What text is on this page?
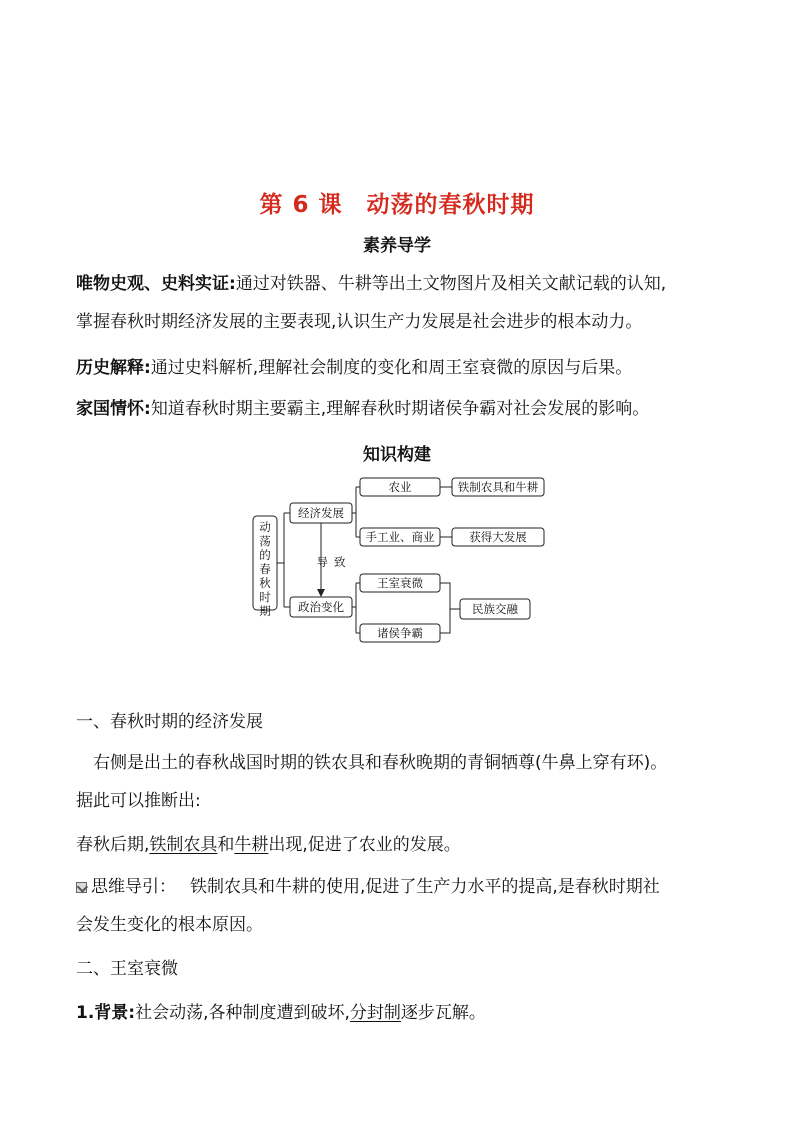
第 6 课　动荡的春秋时期
素养导学
唯物史观、史料实证:通过对铁器、牛耕等出土文物图片及相关文献记载的认知,
掌握春秋时期经济发展的主要表现,认识生产力发展是社会进步的根本动力。
历史解释:通过史料解析,理解社会制度的变化和周王室衰微的原因与后果。
家国情怀:知道春秋时期主要霸主,理解春秋时期诸侯争霸对社会发展的影响。
知识构建
动
荡
的
春
秋
时
期
经济发展
政治变化
导致
农业	铁制农具和牛耕
手工业、商业	获得大发展
王室衰微
诸侯争霸
民族交融
一、春秋时期的经济发展
右侧是出土的春秋战国时期的铁农具和春秋晚期的青铜牺尊(牛鼻上穿有环)。
据此可以推断出:
春秋后期,铁制农具和牛耕出现,促进了农业的发展。
思维导引： 铁制农具和牛耕的使用,促进了生产力水平的提高,是春秋时期社
会发生变化的根本原因。
二、王室衰微
1.背景:社会动荡,各种制度遭到破坏,分封制逐步瓦解。
